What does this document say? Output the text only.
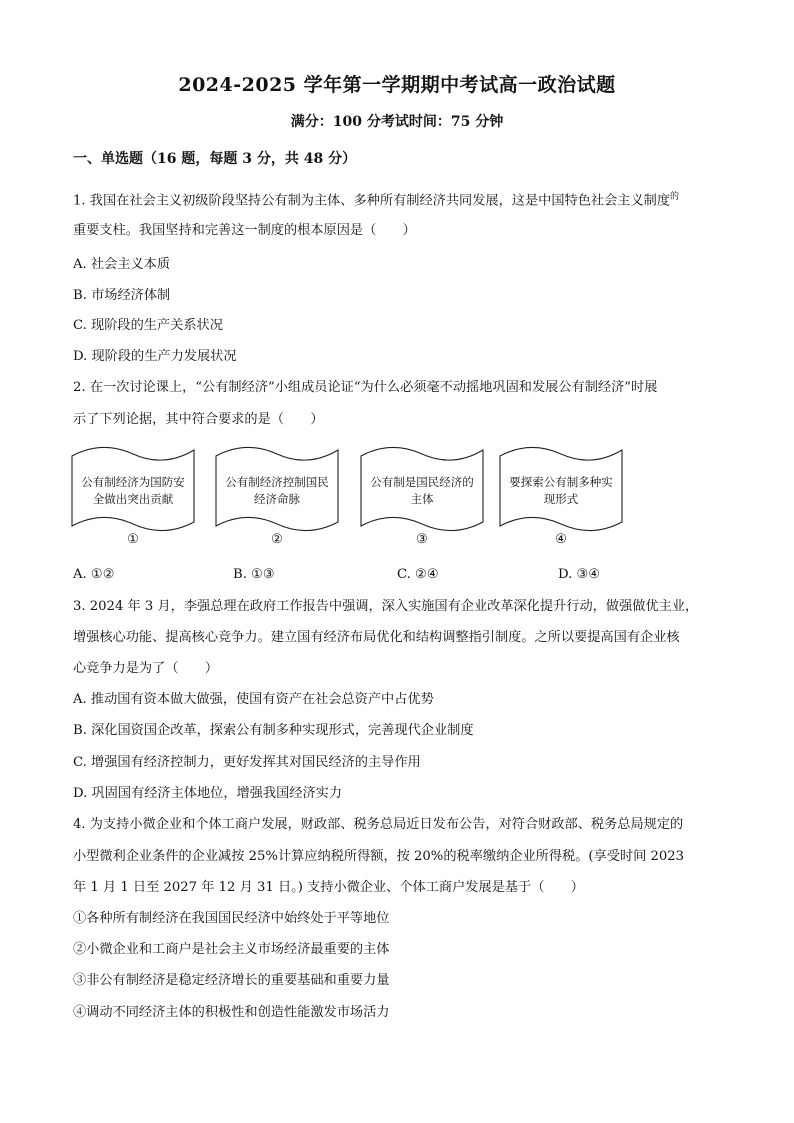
2024-2025 学年第一学期期中考试高一政治试题
满分：100 分考试时间：75 分钟
一、单选题（16 题，每题 3 分，共 48 分）
1. 我国在社会主义初级阶段坚持公有制为主体、多种所有制经济共同发展，这是中国特色社会主义制度$^的$
重要支柱。我国坚持和完善这一制度的根本原因是（　　）
A. 社会主义本质
B. 市场经济体制
C. 现阶段的生产关系状况
D. 现阶段的生产力发展状况
2. 在一次讨论课上，“公有制经济”小组成员论证“为什么必须毫不动摇地巩固和发展公有制经济”时展
示了下列论据，其中符合要求的是（　　）
公有制经济为国防安全做出突出贡献
①
公有制经济控制国民经济命脉
②
公有制是国民经济的主体
③
要探索公有制多种实现形式
④
A. ①②	B. ①③	C. ②④	D. ③④
3. 2024 年 3 月，李强总理在政府工作报告中强调，深入实施国有企业改革深化提升行动，做强做优主业，
增强核心功能、提高核心竞争力。建立国有经济布局优化和结构调整指引制度。之所以要提高国有企业核
心竞争力是为了（　　）
A. 推动国有资本做大做强，使国有资产在社会总资产中占优势
B. 深化国资国企改革，探索公有制多种实现形式，完善现代企业制度
C. 增强国有经济控制力，更好发挥其对国民经济的主导作用
D. 巩固国有经济主体地位，增强我国经济实力
4. 为支持小微企业和个体工商户发展，财政部、税务总局近日发布公告，对符合财政部、税务总局规定的
小型微利企业条件的企业减按 25%计算应纳税所得额，按 20%的税率缴纳企业所得税。(享受时间 2023
年 1 月 1 日至 2027 年 12 月 31 日。) 支持小微企业、个体工商户发展是基于（　　）
①各种所有制经济在我国国民经济中始终处于平等地位
②小微企业和工商户是社会主义市场经济最重要的主体
③非公有制经济是稳定经济增长的重要基础和重要力量
④调动不同经济主体的积极性和创造性能激发市场活力
